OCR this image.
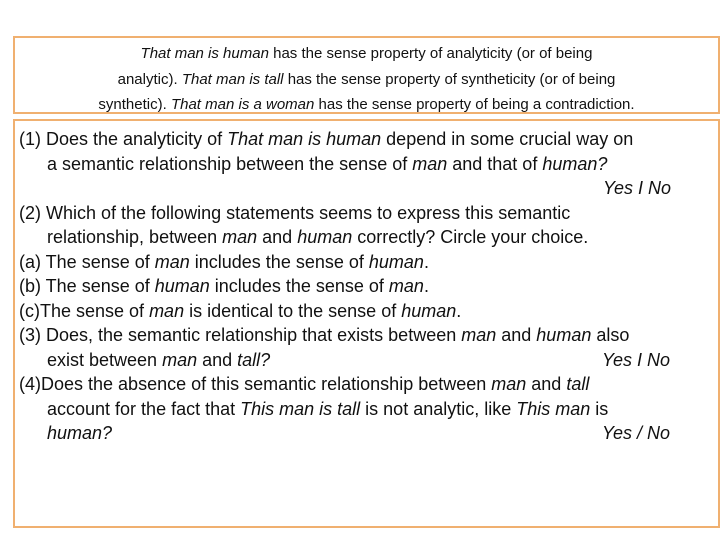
That man is human has the sense property of analyticity (or of being

analytic). That man is tall has the sense property of syntheticity (or of being

synthetic). That man is a woman has the sense property of being a contradiction.

(1) Does the analyticity of That man is human depend in some crucial way on

a semantic relationship between the sense of man and that of human?

Yes I No

(2) Which of the following statements seems to express this semantic

relationship, between man and human correctly? Circle your choice.

(a) The sense of man includes the sense of human.

(b) The sense of human includes the sense of man.

(c)The sense of man is identical to the sense of human.

(3) Does, the semantic relationship that exists between man and human also

exist between man and tall?	Yes I No

(4)Does the absence of this semantic relationship between man and tall

account for the fact that This man is tall is not analytic, like This man is

human?	Yes / No
